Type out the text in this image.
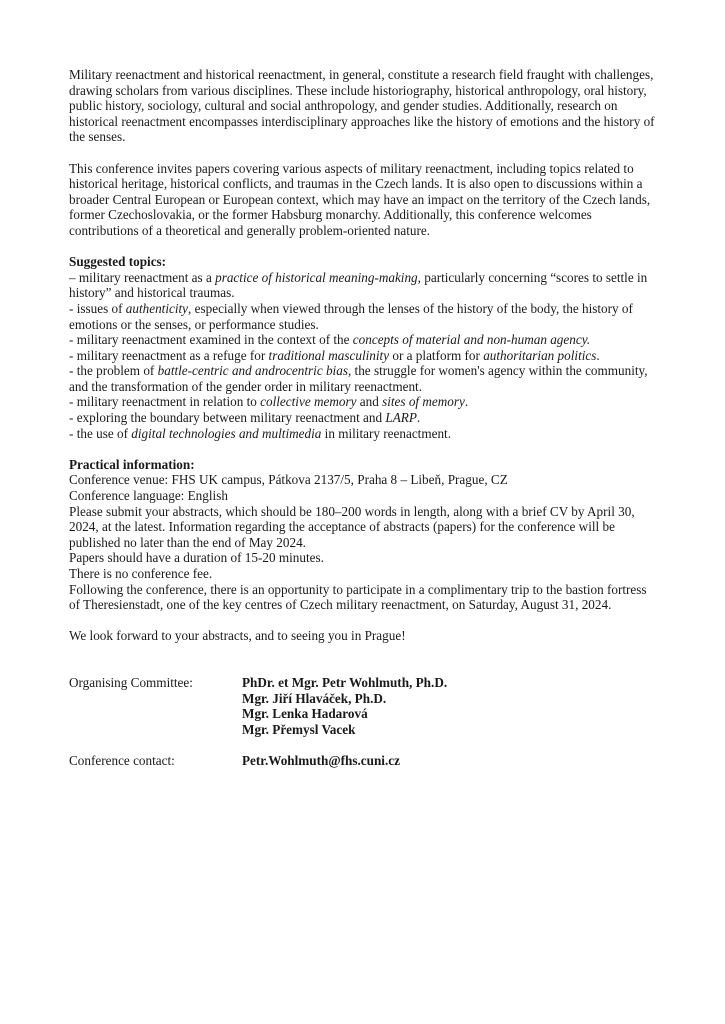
Military reenactment and historical reenactment, in general, constitute a research field fraught with challenges, drawing scholars from various disciplines. These include historiography, historical anthropology, oral history, public history, sociology, cultural and social anthropology, and gender studies. Additionally, research on historical reenactment encompasses interdisciplinary approaches like the history of emotions and the history of the senses.

This conference invites papers covering various aspects of military reenactment, including topics related to historical heritage, historical conflicts, and traumas in the Czech lands. It is also open to discussions within a broader Central European or European context, which may have an impact on the territory of the Czech lands, former Czechoslovakia, or the former Habsburg monarchy. Additionally, this conference welcomes contributions of a theoretical and generally problem-oriented nature.

Suggested topics:

– military reenactment as a practice of historical meaning-making, particularly concerning “scores to settle in history” and historical traumas.

- issues of authenticity, especially when viewed through the lenses of the history of the body, the history of emotions or the senses, or performance studies.

- military reenactment examined in the context of the concepts of material and non-human agency.

- military reenactment as a refuge for traditional masculinity or a platform for authoritarian politics.

- the problem of battle-centric and androcentric bias, the struggle for women's agency within the community, and the transformation of the gender order in military reenactment.

- military reenactment in relation to collective memory and sites of memory.

- exploring the boundary between military reenactment and LARP.

- the use of digital technologies and multimedia in military reenactment.

Practical information:

Conference venue: FHS UK campus, Pátkova 2137/5, Praha 8 – Libeň, Prague, CZ

Conference language: English

Please submit your abstracts, which should be 180–200 words in length, along with a brief CV by April 30, 2024, at the latest. Information regarding the acceptance of abstracts (papers) for the conference will be published no later than the end of May 2024.

Papers should have a duration of 15-20 minutes.

There is no conference fee.

Following the conference, there is an opportunity to participate in a complimentary trip to the bastion fortress of Theresienstadt, one of the key centres of Czech military reenactment, on Saturday, August 31, 2024.

We look forward to your abstracts, and to seeing you in Prague!

Organising Committee:	PhDr. et Mgr. Petr Wohlmuth, Ph.D.
Mgr. Jiří Hlaváček, Ph.D.
Mgr. Lenka Hadarová
Mgr. Přemysl Vacek
Conference contact:	Petr.Wohlmuth@fhs.cuni.cz
